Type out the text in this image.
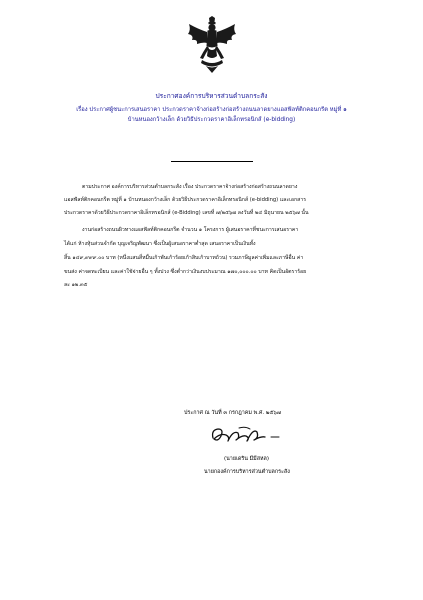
ประกาศองค์การบริหารส่วนตำบลกระสัง
เรื่อง ประกาศผู้ชนะการเสนอราคา ประกวดราคาจ้างก่อสร้างก่อสร้างถนนลาดยางแอสฟัลท์ติกคอนกรีต หมู่ที่ ๑
บ้านหนองกว้างเล็ก ด้วยวิธีประกวดราคาอิเล็กทรอนิกส์ (e-bidding)
ตามประกาศ องค์การบริหารส่วนตำบลกระสัง เรื่อง ประกวดราคาจ้างก่อสร้างก่อสร้างถนนลาดยาง
แอสฟัลท์ติกคอนกรีต หมู่ที่ ๑ บ้านหนองกว้างเล็ก ด้วยวิธีประกวดราคาอิเล็กทรอนิกส์ (e-bidding) และเอกสาร
ประกวดราคาด้วยวิธีประกวดราคาอิเล็กทรอนิกส์ (e-Bidding) เลขที่ ๗/๒๕๖๗ ลงวันที่ ๒๔ มิถุนายน ๒๕๖๗ นั้น
งานก่อสร้างถนนผิวทางแอสฟัลท์ติกคอนกรีต จำนวน ๑ โครงการ ผู้เสนอราคาที่ชนะการเสนอราคา
ได้แก่ ห้างหุ้นส่วนจำกัด บุญเจริญพัฒนา ซึ่งเป็นผู้เสนอราคาต่ำสุด เสนอราคาเป็นเงินทั้ง
สิ้น ๑๔๙,๙๙๙.๐๐ บาท (หนึ่งแสนสี่หมื่นเก้าพันเก้าร้อยเก้าสิบเก้าบาทถ้วน) รวมภาษีมูลค่าเพิ่มและภาษีอื่น ค่า
ขนส่ง ค่าจดทะเบียน และค่าใช้จ่ายอื่น ๆ ทั้งปวง ซึ่งต่ำกว่าเงินงบประมาณ ๑๗๐,๐๐๐.๐๐ บาท คิดเป็นอัตราร้อย
ละ ๑๒.๓๕
ประกาศ ณ วันที่ ๓ กรกฎาคม พ.ศ. ๒๕๖๗
(นายเดริน มีมีสหล)
นายกองค์การบริหารส่วนตำบลกระสัง
